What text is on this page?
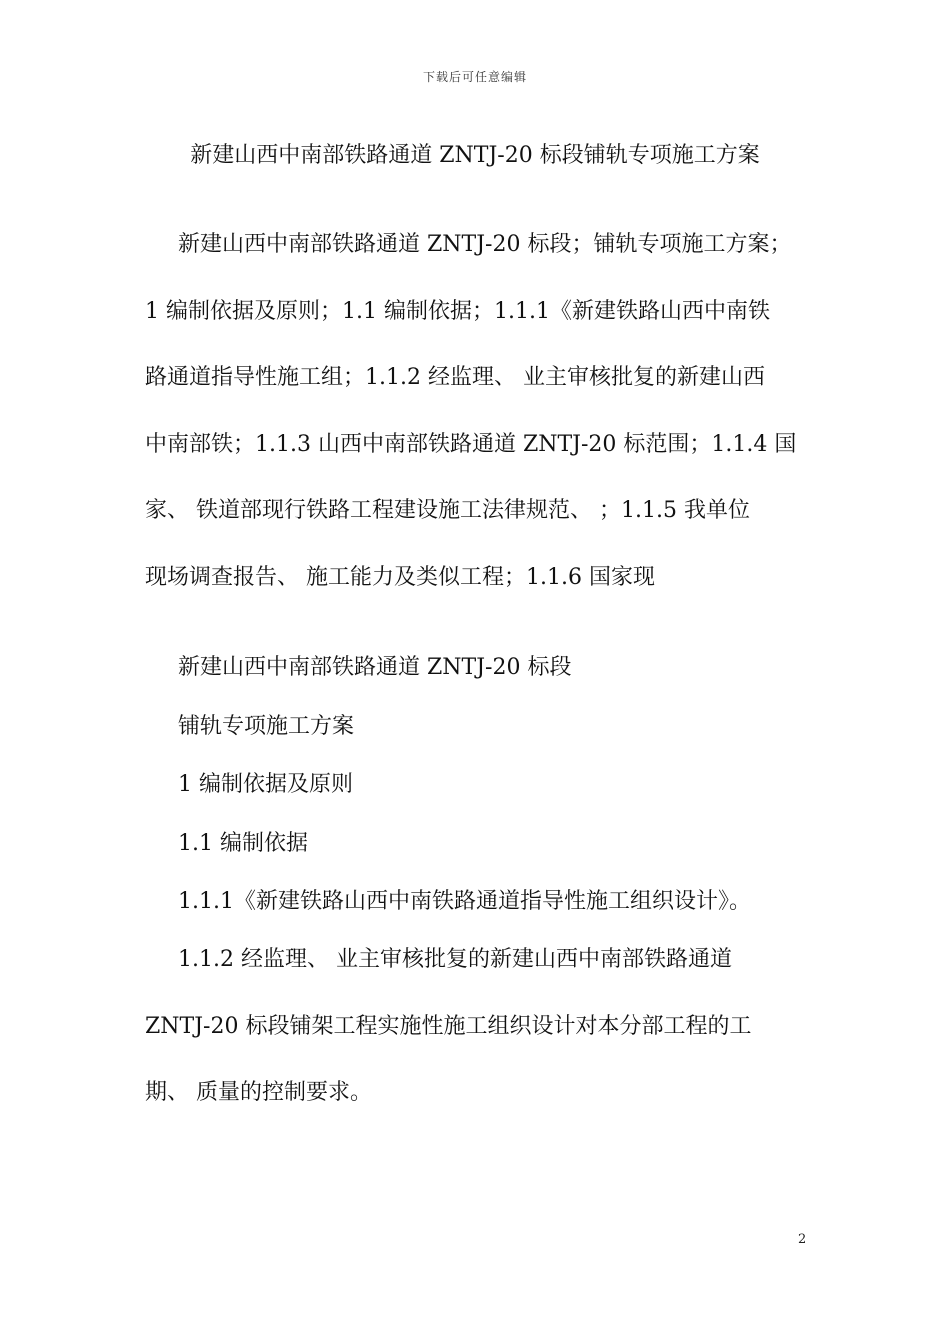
下载后可任意编辑
新建山西中南部铁路通道 ZNTJ-20 标段铺轨专项施工方案
新建山西中南部铁路通道 ZNTJ-20 标段；铺轨专项施工方案；
1 编制依据及原则；1.1 编制依据；1.1.1《新建铁路山西中南铁
路通道指导性施工组；1.1.2 经监理、 业主审核批复的新建山西
中南部铁；1.1.3 山西中南部铁路通道 ZNTJ-20 标范围；1.1.4 国
家、 铁道部现行铁路工程建设施工法律规范、 ；1.1.5 我单位
现场调查报告、 施工能力及类似工程；1.1.6 国家现

新建山西中南部铁路通道 ZNTJ-20 标段

铺轨专项施工方案

1 编制依据及原则

1.1 编制依据

1.1.1《新建铁路山西中南铁路通道指导性施工组织设计》。

1.1.2 经监理、 业主审核批复的新建山西中南部铁路通道

ZNTJ-20 标段铺架工程实施性施工组织设计对本分部工程的工

期、 质量的控制要求。

2
